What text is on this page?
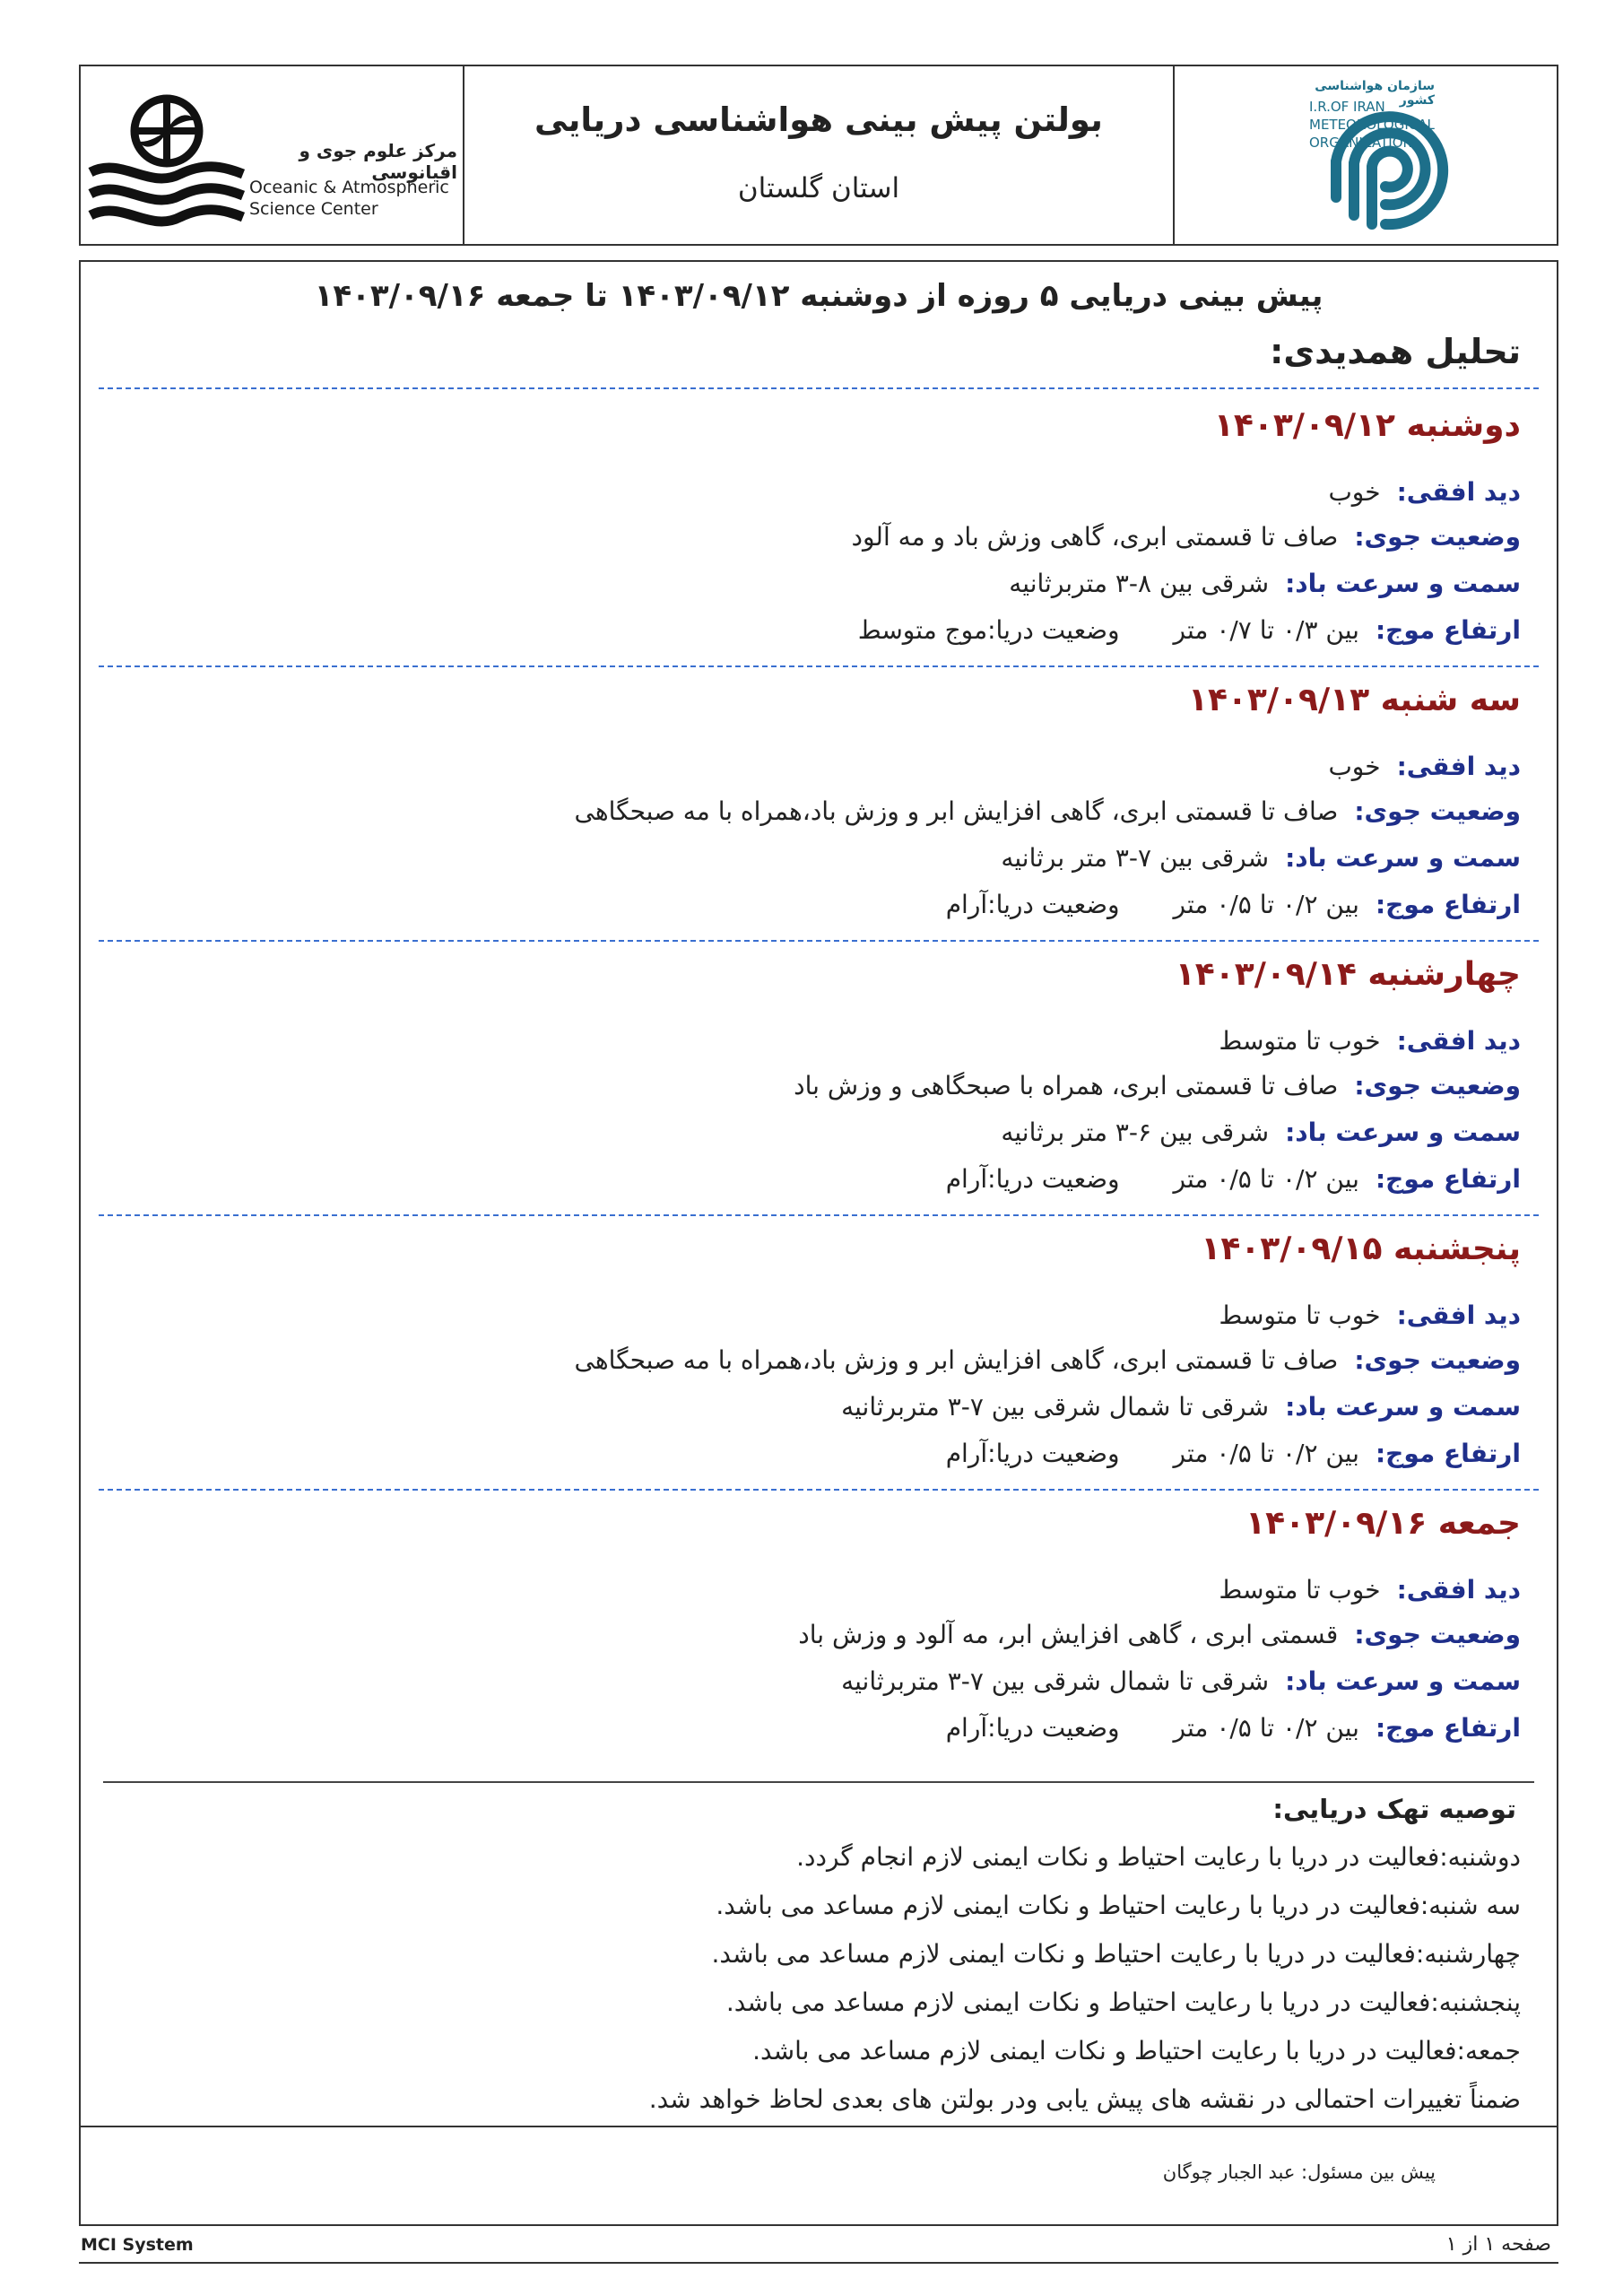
مرکز علوم جوی و اقیانوسی
Oceanic & Atmospheric
Science Center
بولتن پیش بینی هواشناسی دریایی
استان گلستان
سازمان هواشناسی کشور
I.R.OF IRAN
METEOROLOGICAL
ORGANIZATION
پیش بینی دریایی ۵ روزه از دوشنبه ۱۴۰۳/۰۹/۱۲ تا جمعه ۱۴۰۳/۰۹/۱۶
تحلیل همدیدی:
دوشنبه ۱۴۰۳/۰۹/۱۲
دید افقی:خوب
وضعیت جوی:صاف تا قسمتی ابری، گاهی وزش باد و مه آلود
سمت و سرعت باد:شرقی بین ۸-۳ متربرثانیه
ارتفاع موج:بین ۰/۳ تا ۰/۷ متروضعیت دریا:موج متوسط
سه شنبه ۱۴۰۳/۰۹/۱۳
دید افقی:خوب
وضعیت جوی:صاف تا قسمتی ابری، گاهی افزایش ابر و وزش باد،همراه با مه صبحگاهی
سمت و سرعت باد:شرقی بین ۷-۳ متر برثانیه
ارتفاع موج:بین ۰/۲ تا ۰/۵ متروضعیت دریا:آرام
چهارشنبه ۱۴۰۳/۰۹/۱۴
دید افقی:خوب تا متوسط
وضعیت جوی:صاف تا قسمتی ابری، همراه با صبحگاهی و وزش باد
سمت و سرعت باد:شرقی بین ۶-۳ متر برثانیه
ارتفاع موج:بین ۰/۲ تا ۰/۵ متروضعیت دریا:آرام
پنجشنبه ۱۴۰۳/۰۹/۱۵
دید افقی:خوب تا متوسط
وضعیت جوی:صاف تا قسمتی ابری، گاهی افزایش ابر و وزش باد،همراه با مه صبحگاهی
سمت و سرعت باد:شرقی تا شمال شرقی بین ۷-۳ متربرثانیه
ارتفاع موج:بین ۰/۲ تا ۰/۵ متروضعیت دریا:آرام
جمعه ۱۴۰۳/۰۹/۱۶
دید افقی:خوب تا متوسط
وضعیت جوی:قسمتی ابری ، گاهی افزایش ابر، مه آلود و وزش باد
سمت و سرعت باد:شرقی تا شمال شرقی بین ۷-۳ متربرثانیه
ارتفاع موج:بین ۰/۲ تا ۰/۵ متروضعیت دریا:آرام
توصیه تهک دریایی:
دوشنبه:فعالیت در دریا با رعایت احتیاط و نکات ایمنی لازم انجام گردد.
سه شنبه:فعالیت در دریا با رعایت احتیاط و نکات ایمنی لازم مساعد می باشد.
چهارشنبه:فعالیت در دریا با رعایت احتیاط و نکات ایمنی لازم مساعد می باشد.
پنجشنبه:فعالیت در دریا با رعایت احتیاط و نکات ایمنی لازم مساعد می باشد.
جمعه:فعالیت در دریا با رعایت احتیاط و نکات ایمنی لازم مساعد می باشد.
ضمناً تغییرات احتمالی در نقشه های پیش یابی ودر بولتن های بعدی لحاظ خواهد شد.
پیش بین مسئول: عبد الجبار چوگان
MCI System	صفحه ۱ از ۱
